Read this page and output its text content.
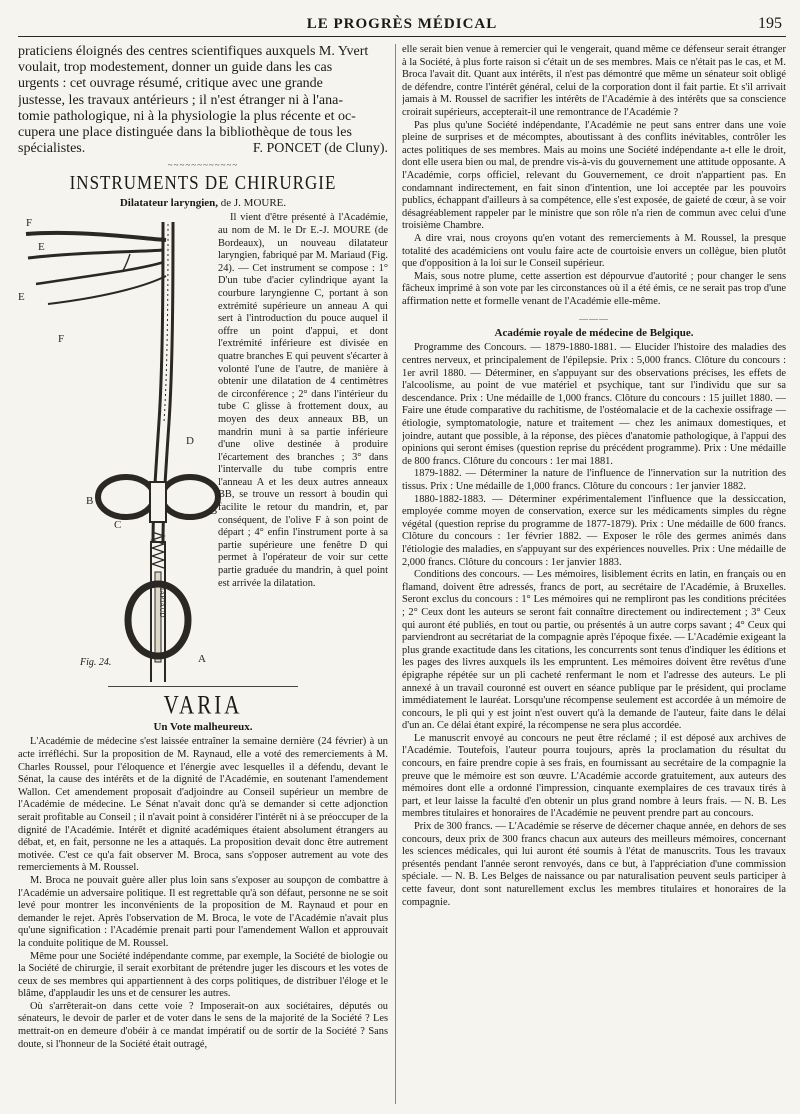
LE PROGRÈS MÉDICAL	195

praticiens éloignés des centres scientifiques auxquels M. Yvert

voulait, trop modestement, donner un guide dans les cas

urgents : cet ouvrage résumé, critique avec une grande

justesse, les travaux antérieurs ; il n'est étranger ni à l'ana-

tomie pathologique, ni à la physiologie la plus récente et oc-

cupera une place distinguée dans la bibliothèque de tous les

spécialistes.	F. PONCET (de Cluny).
~~~~~~~~~~~~
INSTRUMENTS DE CHIRURGIE
Dilatateur laryngien, de J. MOURE.
F
E
E
F
D
B
B
C
A
MARIAUD
Fig. 24.

Il vient d'être présenté à l'Académie, au nom de M. le Dr E.-J. MOURE (de Bordeaux), un nouveau dilatateur laryngien, fabriqué par M. Mariaud (Fig. 24). — Cet instrument se compose : 1° D'un tube d'acier cylindrique ayant la courbure laryngienne C, portant à son extrémité supérieure un anneau A qui sert à l'introduction du pouce auquel il offre un point d'appui, et dont l'extrémité inférieure est divisée en quatre branches E qui peuvent s'écarter à volonté l'une de l'autre, de manière à obtenir une dilatation de 4 centimètres de circonférence ; 2° dans l'intérieur du tube C glisse à frottement doux, au moyen des deux anneaux BB, un mandrin muni à sa partie inférieure d'une olive destinée à produire l'écartement des branches ; 3° dans l'intervalle du tube compris entre l'anneau A et les deux autres anneaux BB, se trouve un ressort à boudin qui facilite le retour du mandrin, et, par conséquent, de l'olive F à son point de départ ; 4° enfin l'instrument porte à sa partie supérieure une fenêtre D qui permet à l'opérateur de voir sur cette partie graduée du mandrin, à quel point est arrivée la dilatation.

VARIA
Un Vote malheureux.

L'Académie de médecine s'est laissée entraîner la semaine dernière (24 février) à un acte irréfléchi. Sur la proposition de M. Raynaud, elle a voté des remerciements à M. Charles Roussel, pour l'éloquence et l'énergie avec lesquelles il a défendu, devant le Sénat, la cause des intérêts et de la dignité de l'Académie, en soutenant l'amendement Wallon. Cet amendement proposait d'adjoindre au Conseil supérieur un membre de l'Académie de médecine. Le Sénat n'avait donc qu'à se demander si cette adjonction serait profitable au Conseil ; il n'avait point à considérer l'intérêt ni à se préoccuper de la dignité de l'Académie. Intérêt et dignité académiques étaient absolument étrangers au débat, et, en fait, personne ne les a attaqués. La proposition devait donc être autrement motivée. C'est ce qu'a fait observer M. Broca, sans s'opposer autrement au vote des remerciements à M. Roussel.

M. Broca ne pouvait guère aller plus loin sans s'exposer au soupçon de combattre à l'Académie un adversaire politique. Il est regrettable qu'à son défaut, personne ne se soit levé pour montrer les inconvénients de la proposition de M. Raynaud et pour en demander le rejet. Après l'observation de M. Broca, le vote de l'Académie n'avait plus qu'une signification : l'Académie prenait parti pour l'amendement Wallon et approuvait la conduite politique de M. Roussel.

Même pour une Société indépendante comme, par exemple, la Société de biologie ou la Société de chirurgie, il serait exorbitant de prétendre juger les discours et les votes de ceux de ses membres qui appartiennent à des corps politiques, de distribuer l'éloge et le blâme, d'applaudir les uns et de censurer les autres.

Où s'arrêterait-on dans cette voie ? Imposerait-on aux sociétaires, députés ou sénateurs, le devoir de parler et de voter dans le sens de la majorité de la Société ? Les mettrait-on en demeure d'obéir à ce mandat impératif ou de sortir de la Société ? Sans doute, si l'honneur de la Société était outragé,

elle serait bien venue à remercier qui le vengerait, quand même ce défenseur serait étranger à la Société, à plus forte raison si c'était un de ses membres. Mais ce n'était pas le cas, et M. Broca l'avait dit. Quant aux intérêts, il n'est pas démontré que même un sénateur soit obligé de défendre, contre l'intérêt général, celui de la corporation dont il fait partie. Et s'il arrivait jamais à M. Roussel de sacrifier les intérêts de l'Académie à des intérêts que sa conscience croirait supérieurs, accepterait-il une remontrance de l'Académie ?

Pas plus qu'une Société indépendante, l'Académie ne peut sans entrer dans une voie pleine de surprises et de mécomptes, aboutissant à des conflits inévitables, contrôler les actes politiques de ses membres. Mais au moins une Société indépendante a-t elle le droit, dont elle usera bien ou mal, de prendre vis-à-vis du gouvernement une attitude opposante. A l'Académie, corps officiel, relevant du Gouvernement, ce droit n'appartient pas. En condamnant indirectement, en fait sinon d'intention, une loi acceptée par les pouvoirs publics, échappant d'ailleurs à sa compétence, elle s'est exposée, de gaieté de cœur, à se voir désagréablement rappeler par le ministre que son rôle n'a rien de commun avec celui d'une troisième Chambre.

A dire vrai, nous croyons qu'en votant des remerciements à M. Roussel, la presque totalité des académiciens ont voulu faire acte de courtoisie envers un collègue, bien plutôt que d'opposition à la loi sur le Conseil supérieur.

Mais, sous notre plume, cette assertion est dépourvue d'autorité ; pour changer le sens fâcheux imprimé à son vote par les circonstances où il a été émis, ce ne serait pas trop d'une affirmation nette et formelle venant de l'Académie elle-même.

———
Académie royale de médecine de Belgique.

Programme des Concours. — 1879-1880-1881. — Elucider l'histoire des maladies des centres nerveux, et principalement de l'épilepsie. Prix : 5,000 francs. Clôture du concours : 1er avril 1880. — Déterminer, en s'appuyant sur des observations précises, les effets de l'alcoolisme, au point de vue matériel et psychique, tant sur l'individu que sur sa descendance. Prix : Une médaille de 1,000 francs. Clôture du concours : 15 juillet 1880. — Faire une étude comparative du rachitisme, de l'ostéomalacie et de la cachexie ossifrage — étiologie, symptomatologie, nature et traitement — chez les animaux domestiques, et joindre, autant que possible, à la réponse, des pièces d'anatomie pathologique, à l'appui des opinions qui seront émises (question reprise du précédent programme). Prix : Une médaille de 800 francs. Clôture du concours : 1er mai 1881.

1879-1882. — Déterminer la nature de l'influence de l'innervation sur la nutrition des tissus. Prix : Une médaille de 1,000 francs. Clôture du concours : 1er janvier 1882.

1880-1882-1883. — Déterminer expérimentalement l'influence que la dessiccation, employée comme moyen de conservation, exerce sur les médicaments simples du règne végétal (question reprise du programme de 1877-1879). Prix : Une médaille de 600 francs. Clôture du concours : 1er février 1882. — Exposer le rôle des germes animés dans l'étiologie des maladies, en s'appuyant sur des expériences nouvelles. Prix : Une médaille de 2,000 francs. Clôture du concours : 1er janvier 1883.

Conditions des concours. — Les mémoires, lisiblement écrits en latin, en français ou en flamand, doivent être adressés, francs de port, au secrétaire de l'Académie, à Bruxelles. Seront exclus du concours : 1° Les mémoires qui ne rempliront pas les conditions précitées ; 2° Ceux dont les auteurs se seront fait connaître directement ou indirectement ; 3° Ceux qui auront été publiés, en tout ou partie, ou présentés à un autre corps savant ; 4° Ceux qui parviendront au secrétariat de la compagnie après l'époque fixée. — L'Académie exigeant la plus grande exactitude dans les citations, les concurrents sont tenus d'indiquer les éditions et les pages des livres auxquels ils les empruntent. Les mémoires doivent être revêtus d'une épigraphe répétée sur un pli cacheté renfermant le nom et l'adresse des auteurs. Le pli annexé à un travail couronné est ouvert en séance publique par le président, qui proclame immédiatement le lauréat. Lorsqu'une récompense seulement est accordée à un mémoire de concours, le pli qui y est joint n'est ouvert qu'à la demande de l'auteur, faite dans le délai d'un an. Ce délai étant expiré, la récompense ne sera plus accordée.

Le manuscrit envoyé au concours ne peut être réclamé ; il est déposé aux archives de l'Académie. Toutefois, l'auteur pourra toujours, après la proclamation du résultat du concours, en faire prendre copie à ses frais, en fournissant au secrétaire de la compagnie la preuve que le mémoire est son œuvre. L'Académie accorde gratuitement, aux auteurs des mémoires dont elle a ordonné l'impression, cinquante exemplaires de ces travaux tirés à part, et leur laisse la faculté d'en obtenir un plus grand nombre à leurs frais. — N. B. Les membres titulaires et honoraires de l'Académie ne peuvent prendre part au concours.

Prix de 300 francs. — L'Académie se réserve de décerner chaque année, en dehors de ses concours, deux prix de 300 francs chacun aux auteurs des meilleurs mémoires, concernant les sciences médicales, qui lui auront été soumis à l'état de manuscrits. Tous les travaux présentés pendant l'année seront renvoyés, dans ce but, à l'appréciation d'une commission spéciale. — N. B. Les Belges de naissance ou par naturalisation peuvent seuls participer à cette faveur, dont sont naturellement exclus les membres titulaires et honoraires de la compagnie.
